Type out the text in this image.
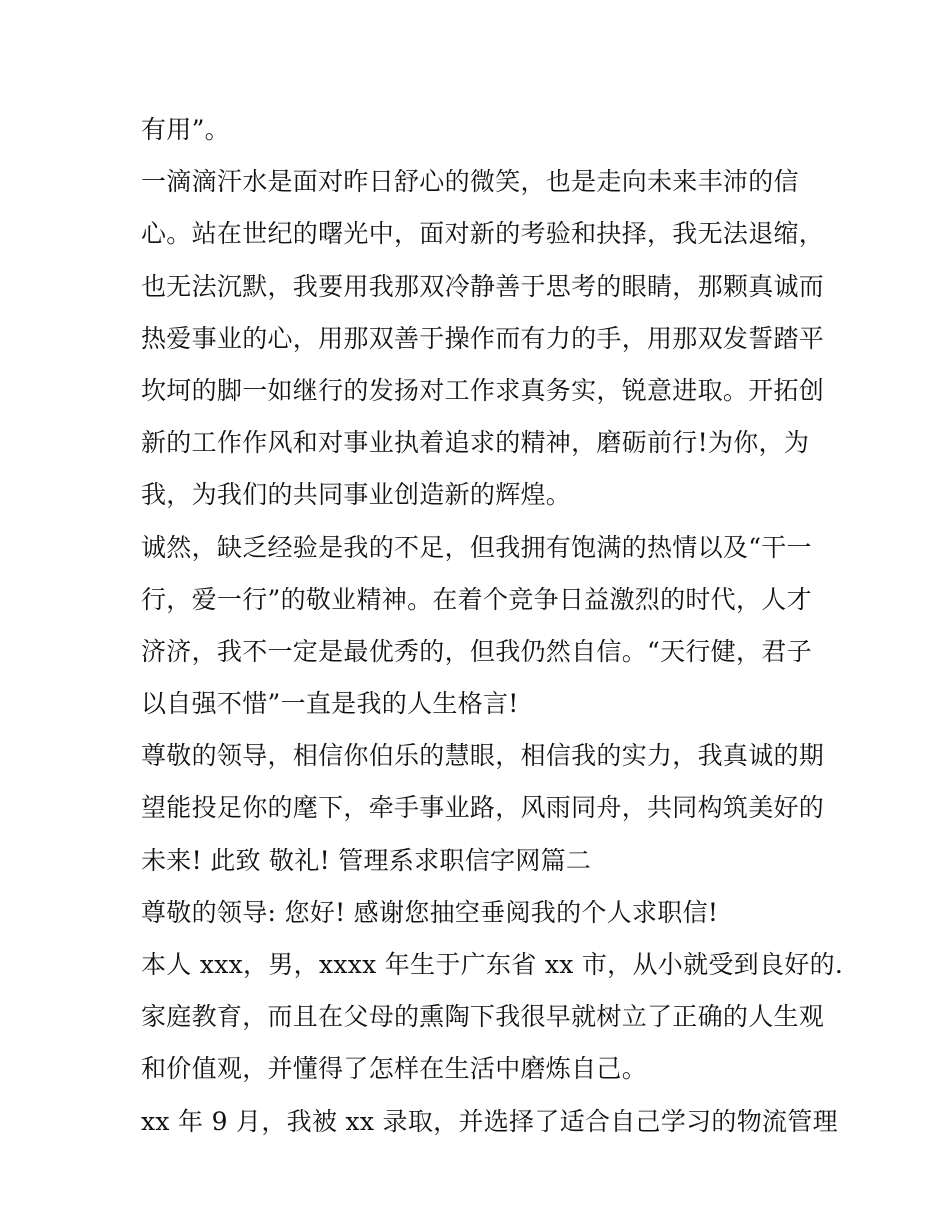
有用”。
一滴滴汗水是面对昨日舒心的微笑，也是走向未来丰沛的信
心。站在世纪的曙光中，面对新的考验和抉择，我无法退缩，
也无法沉默，我要用我那双冷静善于思考的眼睛，那颗真诚而
热爱事业的心，用那双善于操作而有力的手，用那双发誓踏平
坎坷的脚一如继行的发扬对工作求真务实，锐意进取。开拓创
新的工作作风和对事业执着追求的精神，磨砺前行!为你，为
我，为我们的共同事业创造新的辉煌。
诚然，缺乏经验是我的不足，但我拥有饱满的热情以及“干一
行，爱一行”的敬业精神。在着个竞争日益激烈的时代，人才
济济，我不一定是最优秀的，但我仍然自信。“天行健，君子
以自强不惜”一直是我的人生格言!
尊敬的领导，相信你伯乐的慧眼，相信我的实力，我真诚的期
望能投足你的麾下，牵手事业路，风雨同舟，共同构筑美好的
未来! 此致 敬礼! 管理系求职信字网篇二
尊敬的领导: 您好! 感谢您抽空垂阅我的个人求职信!
本人 xxx，男，xxxx 年生于广东省 xx 市，从小就受到良好的.
家庭教育，而且在父母的熏陶下我很早就树立了正确的人生观
和价值观，并懂得了怎样在生活中磨炼自己。
xx 年 9 月，我被 xx 录取，并选择了适合自己学习的物流管理
